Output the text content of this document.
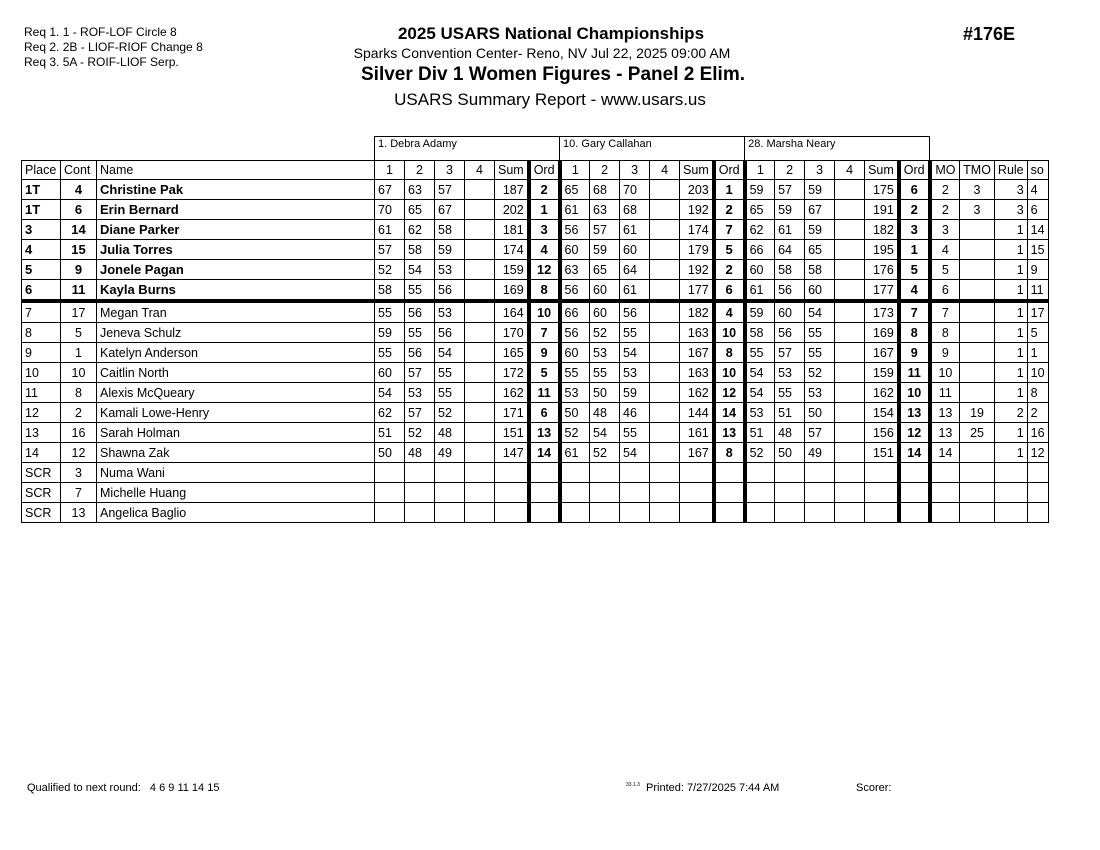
Req 1. 1 - ROF-LOF Circle 8
Req 2. 2B - LIOF-RIOF Change 8
Req 3. 5A - ROIF-LIOF Serp.
2025 USARS National Championships
Sparks Convention Center- Reno, NV Jul 22, 2025 09:00 AM
Silver Div 1 Women Figures - Panel 2 Elim.
USARS Summary Report - www.usars.us
#176E
			1. Debra Adamy						10. Gary Callahan						28. Marsha Neary									
Place	Cont	Name	1	2	3	4	Sum	Ord	1	2	3	4	Sum	Ord	1	2	3	4	Sum	Ord	MO	TMO	Rule	so
1T	4	Christine Pak	67	63	57		187	2	65	68	70		203	1	59	57	59		175	6	2	3	3	4
1T	6	Erin Bernard	70	65	67		202	1	61	63	68		192	2	65	59	67		191	2	2	3	3	6
3	14	Diane Parker	61	62	58		181	3	56	57	61		174	7	62	61	59		182	3	3		1	14
4	15	Julia Torres	57	58	59		174	4	60	59	60		179	5	66	64	65		195	1	4		1	15
5	9	Jonele Pagan	52	54	53		159	12	63	65	64		192	2	60	58	58		176	5	5		1	9
6	11	Kayla Burns	58	55	56		169	8	56	60	61		177	6	61	56	60		177	4	6		1	11
7	17	Megan Tran	55	56	53		164	10	66	60	56		182	4	59	60	54		173	7	7		1	17
8	5	Jeneva Schulz	59	55	56		170	7	56	52	55		163	10	58	56	55		169	8	8		1	5
9	1	Katelyn Anderson	55	56	54		165	9	60	53	54		167	8	55	57	55		167	9	9		1	1
10	10	Caitlin North	60	57	55		172	5	55	55	53		163	10	54	53	52		159	11	10		1	10
11	8	Alexis McQueary	54	53	55		162	11	53	50	59		162	12	54	55	53		162	10	11		1	8
12	2	Kamali Lowe-Henry	62	57	52		171	6	50	48	46		144	14	53	51	50		154	13	13	19	2	2
13	16	Sarah Holman	51	52	48		151	13	52	54	55		161	13	51	48	57		156	12	13	25	1	16
14	12	Shawna Zak	50	48	49		147	14	61	52	54		167	8	52	50	49		151	14	14		1	12
SCR	3	Numa Wani																						
SCR	7	Michelle Huang																						
SCR	13	Angelica Baglio																						
Qualified to next round: 4 6 9 11 14 15	$^{33.1.3}$ Printed: 7/27/2025 7:44 AM	Scorer:
